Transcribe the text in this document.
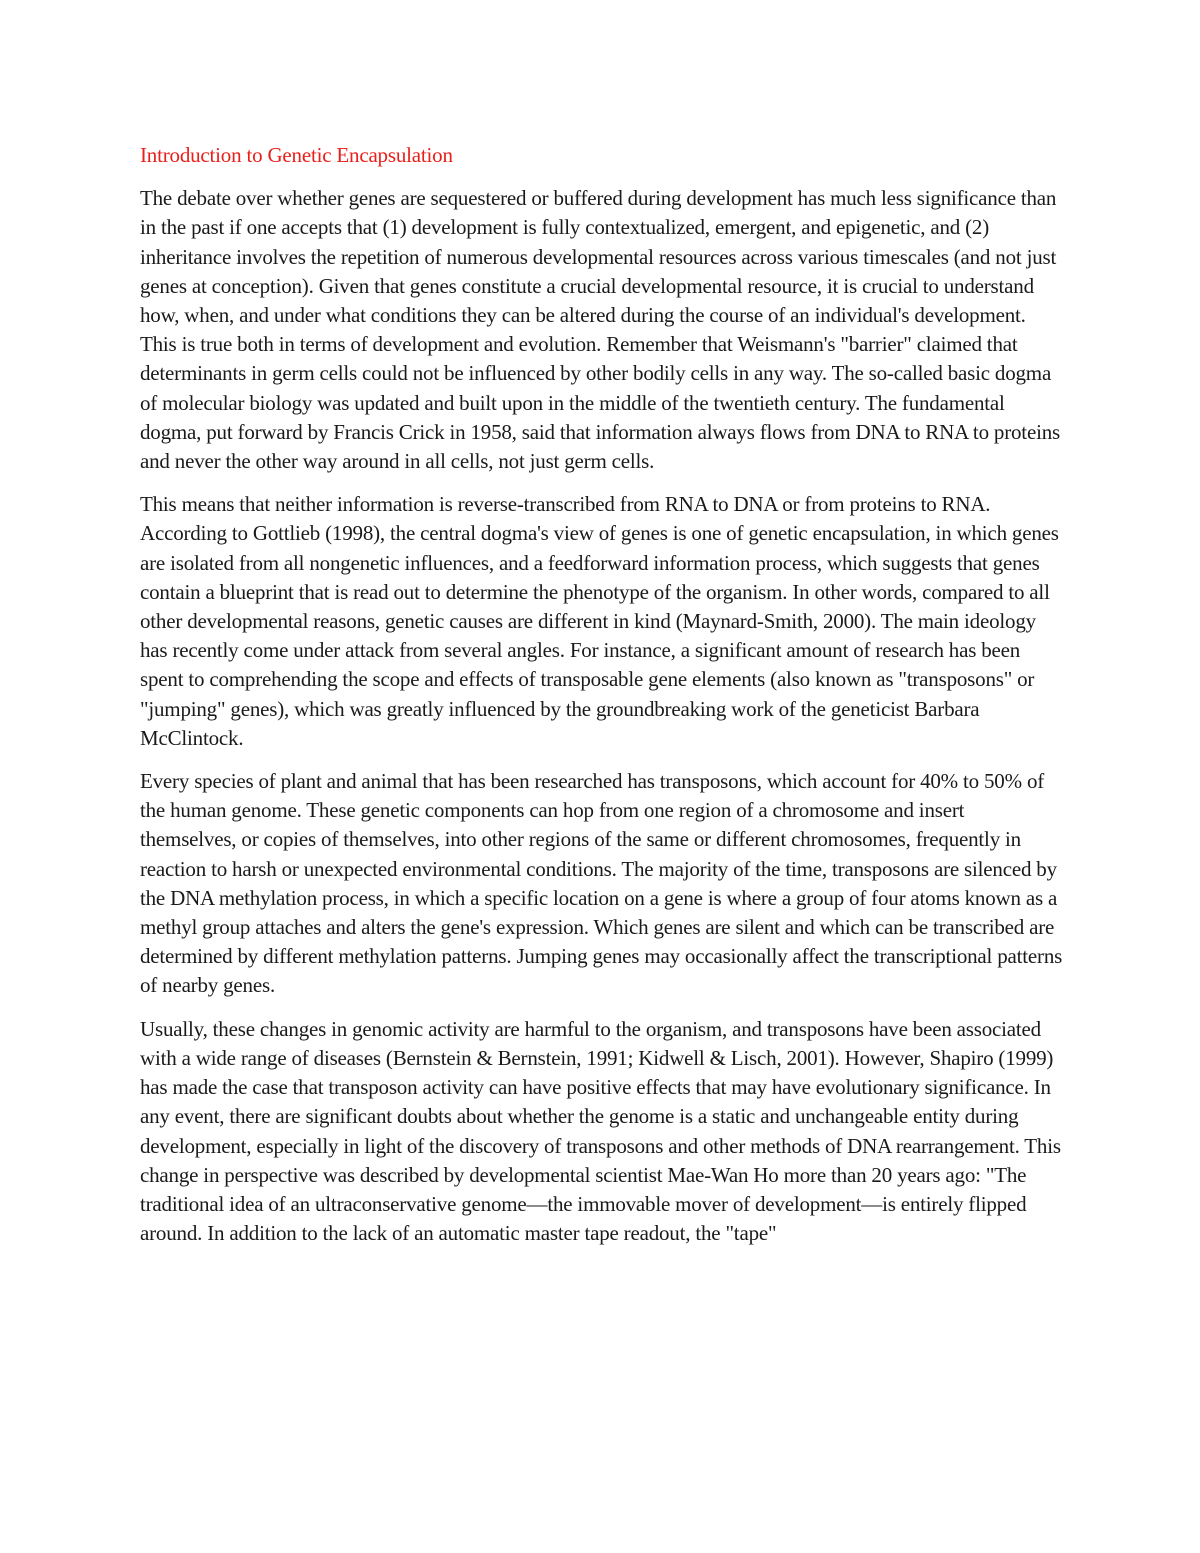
Introduction to Genetic Encapsulation

The debate over whether genes are sequestered or buffered during development has much less significance than in the past if one accepts that (1) development is fully contextualized, emergent, and epigenetic, and (2) inheritance involves the repetition of numerous developmental resources across various timescales (and not just genes at conception). Given that genes constitute a crucial developmental resource, it is crucial to understand how, when, and under what conditions they can be altered during the course of an individual's development. This is true both in terms of development and evolution. Remember that Weismann's "barrier" claimed that determinants in germ cells could not be influenced by other bodily cells in any way. The so-called basic dogma of molecular biology was updated and built upon in the middle of the twentieth century. The fundamental dogma, put forward by Francis Crick in 1958, said that information always flows from DNA to RNA to proteins and never the other way around in all cells, not just germ cells.

This means that neither information is reverse-transcribed from RNA to DNA or from proteins to RNA. According to Gottlieb (1998), the central dogma's view of genes is one of genetic encapsulation, in which genes are isolated from all nongenetic influences, and a feedforward information process, which suggests that genes contain a blueprint that is read out to determine the phenotype of the organism. In other words, compared to all other developmental reasons, genetic causes are different in kind (Maynard-Smith, 2000). The main ideology has recently come under attack from several angles. For instance, a significant amount of research has been spent to comprehending the scope and effects of transposable gene elements (also known as "transposons" or "jumping" genes), which was greatly influenced by the groundbreaking work of the geneticist Barbara McClintock.

Every species of plant and animal that has been researched has transposons, which account for 40% to 50% of the human genome. These genetic components can hop from one region of a chromosome and insert themselves, or copies of themselves, into other regions of the same or different chromosomes, frequently in reaction to harsh or unexpected environmental conditions. The majority of the time, transposons are silenced by the DNA methylation process, in which a specific location on a gene is where a group of four atoms known as a methyl group attaches and alters the gene's expression. Which genes are silent and which can be transcribed are determined by different methylation patterns. Jumping genes may occasionally affect the transcriptional patterns of nearby genes.

Usually, these changes in genomic activity are harmful to the organism, and transposons have been associated with a wide range of diseases (Bernstein & Bernstein, 1991; Kidwell & Lisch, 2001). However, Shapiro (1999) has made the case that transposon activity can have positive effects that may have evolutionary significance. In any event, there are significant doubts about whether the genome is a static and unchangeable entity during development, especially in light of the discovery of transposons and other methods of DNA rearrangement. This change in perspective was described by developmental scientist Mae-Wan Ho more than 20 years ago: "The traditional idea of an ultraconservative genome—the immovable mover of development—is entirely flipped around. In addition to the lack of an automatic master tape readout, the "tape"
